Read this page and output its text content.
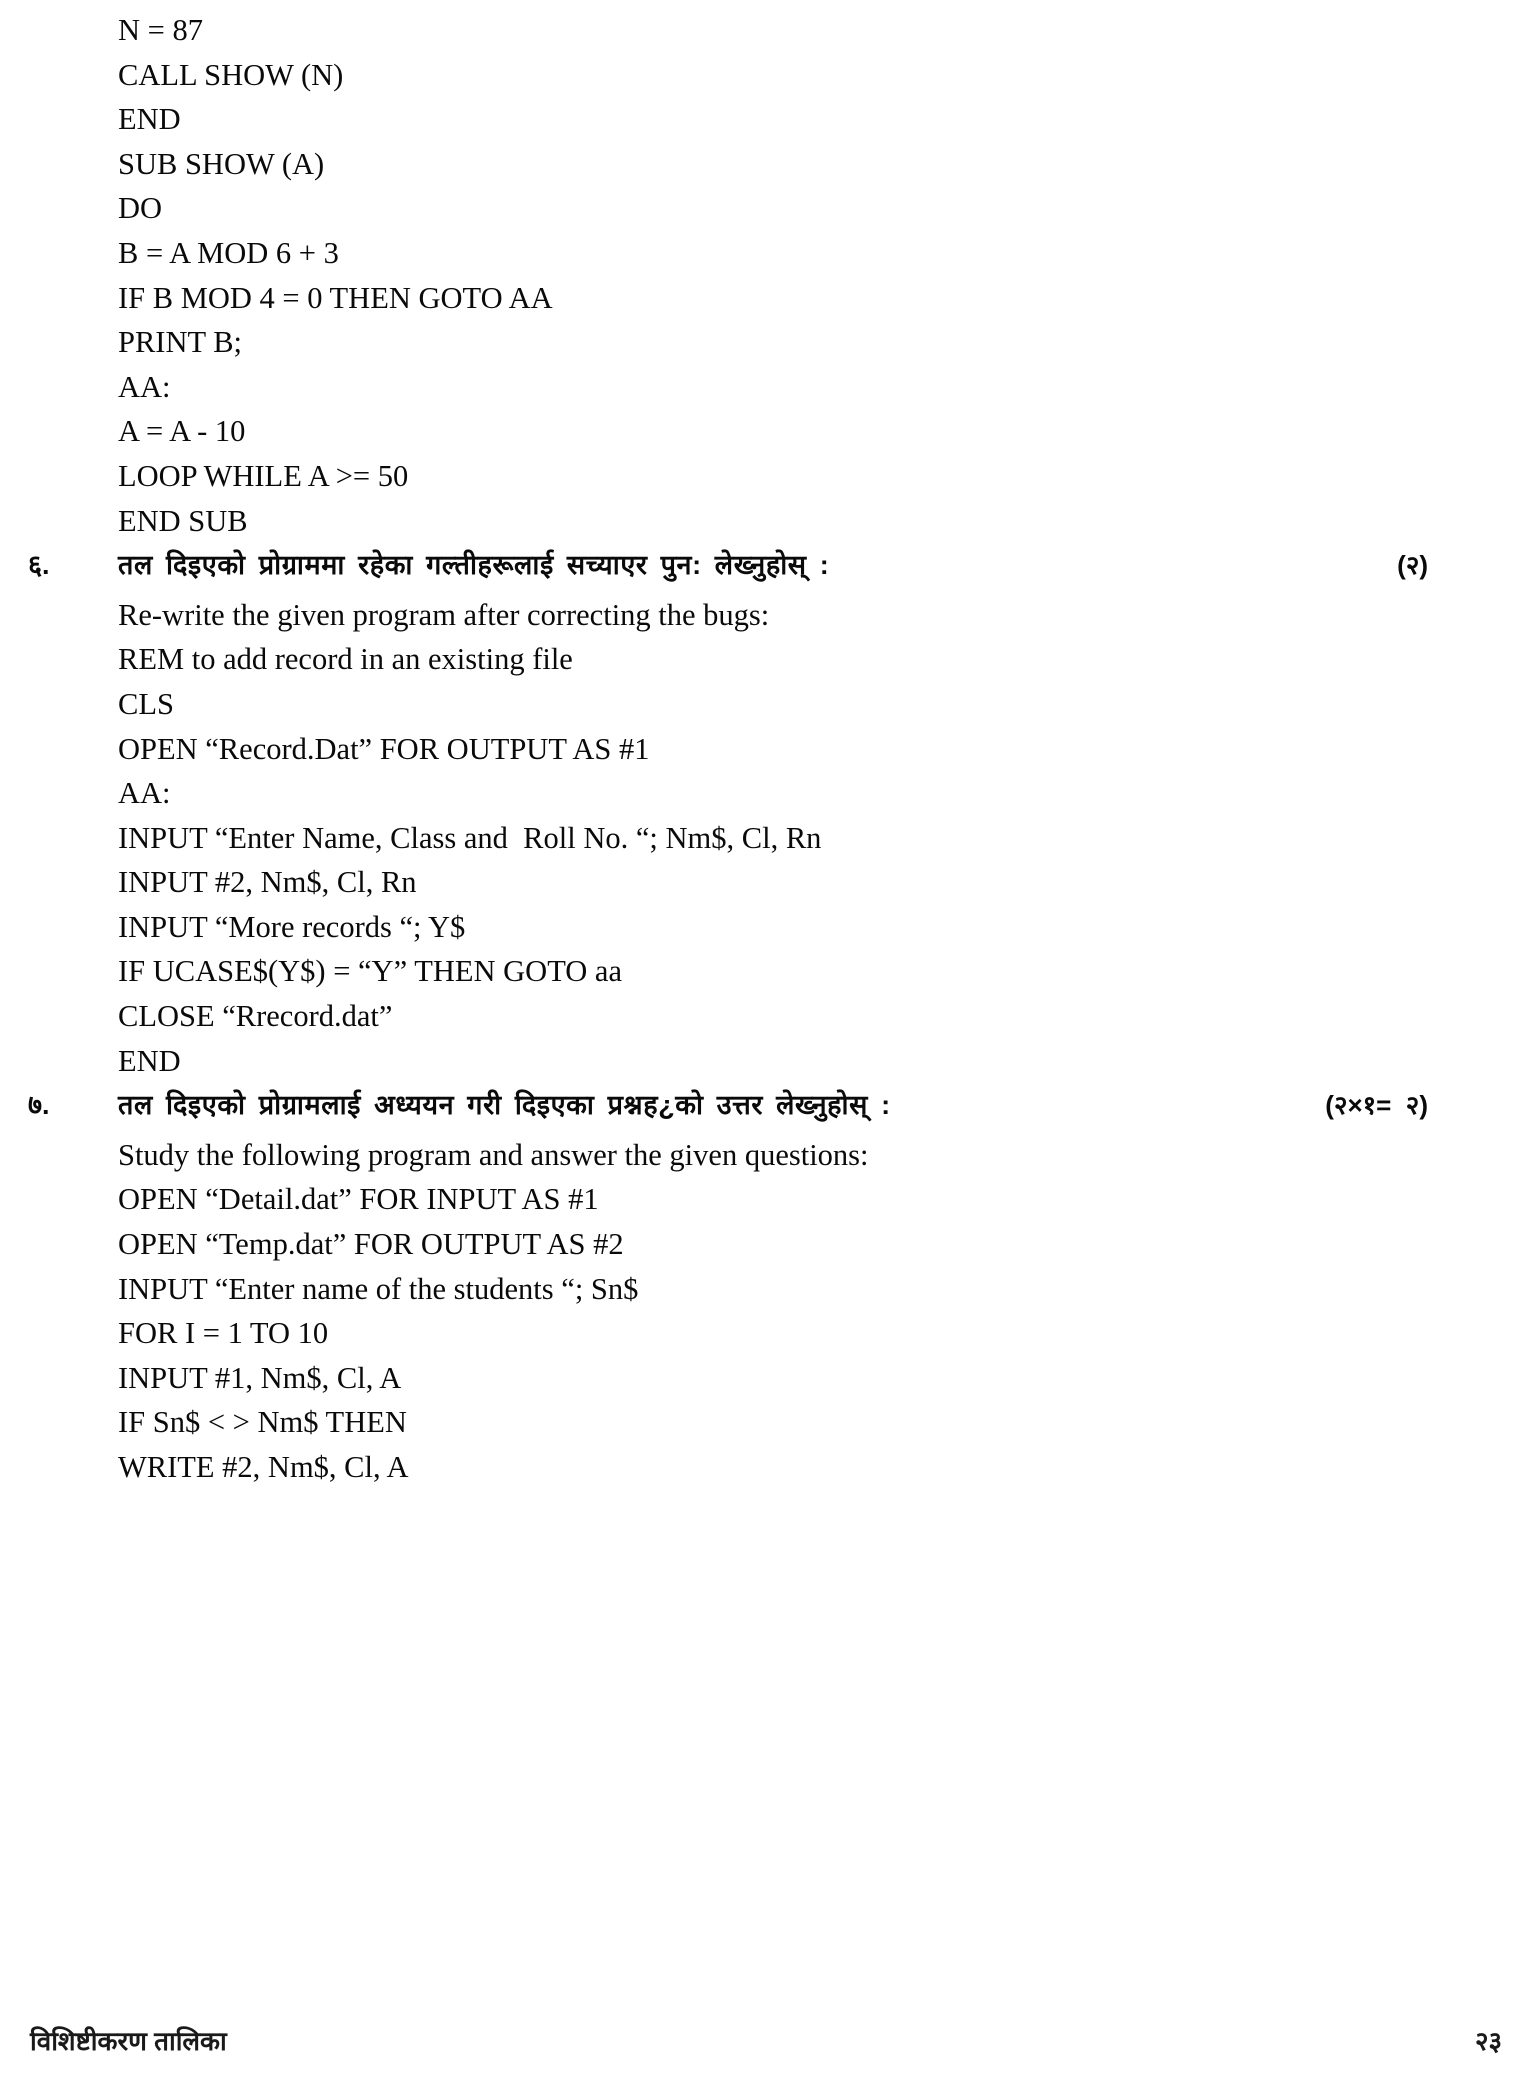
N = 87
CALL SHOW (N)
END
SUB SHOW (A)
DO
B = A MOD 6 + 3
IF B MOD 4 = 0 THEN GOTO AA
PRINT B;
AA:
A = A - 10
LOOP WHILE A >= 50
END SUB
६.	तल दिइएको प्रोग्राममा रहेका गल्तीहरूलाई सच्याएर पुन: लेख्नुहोस् :	(२)
Re-write the given program after correcting the bugs:
REM to add record in an existing file
CLS
OPEN “Record.Dat” FOR OUTPUT AS #1
AA:
INPUT “Enter Name, Class and  Roll No. “; Nm$, Cl, Rn
INPUT #2, Nm$, Cl, Rn
INPUT “More records “; Y$
IF UCASE$(Y$) = “Y” THEN GOTO aa
CLOSE “Rrecord.dat”
END
७.	तल दिइएको प्रोग्रामलाई अध्ययन गरी दिइएका प्रश्नह¿को उत्तर लेख्नुहोस् :	(२×१=  २)
Study the following program and answer the given questions:
OPEN “Detail.dat” FOR INPUT AS #1
OPEN “Temp.dat” FOR OUTPUT AS #2
INPUT “Enter name of the students “; Sn$
FOR I = 1 TO 10
INPUT #1, Nm$, Cl, A
IF Sn$ < > Nm$ THEN
WRITE #2, Nm$, Cl, A
विशिष्टीकरण तालिका	२३
